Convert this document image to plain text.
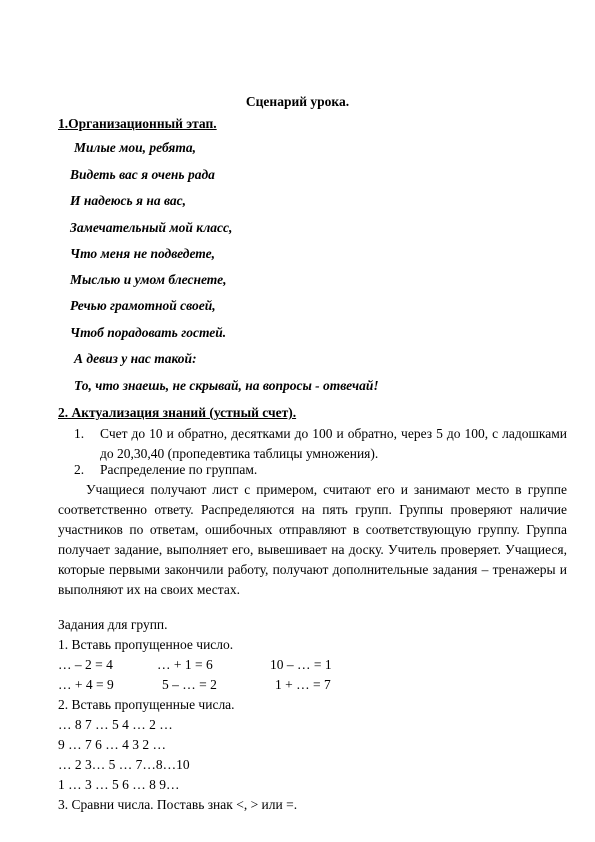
Сценарий урока.
1.Организационный этап.
Милые мои, ребята,
Видеть вас я очень рада
И надеюсь я на вас,
Замечательный мой класс,
Что меня не подведете,
Мыслью и умом блеснете,
Речью грамотной своей,
Чтоб порадовать гостей.
А девиз у нас такой:
То, что знаешь, не скрывай, на вопросы - отвечай!
2. Актуализация знаний (устный счет).
1. Счет до 10 и обратно, десятками до 100 и обратно, через 5 до 100, с ладошками до 20,30,40 (пропедевтика таблицы умножения).
2. Распределение по группам.
Учащиеся получают лист с примером, считают его и занимают место в группе соответственно ответу. Распределяются на пять групп. Группы проверяют наличие участников по ответам, ошибочных отправляют в соответствующую группу. Группа получает задание, выполняет его, вывешивает на доску. Учитель проверяет. Учащиеся, которые первыми закончили работу, получают дополнительные задания – тренажеры и выполняют их на своих местах.
Задания для групп.
1. Вставь пропущенное число.
… – 2 = 4	… + 1 = 6	10 – … = 1
… + 4 = 9	5 – … = 2	1 + … = 7
2. Вставь пропущенные числа.
… 8 7 … 5 4 … 2 …
9 … 7 6 … 4 3 2 …
… 2 3… 5 … 7…8…10
1 … 3 … 5 6 … 8 9…
3. Сравни числа. Поставь знак <, > или =.
